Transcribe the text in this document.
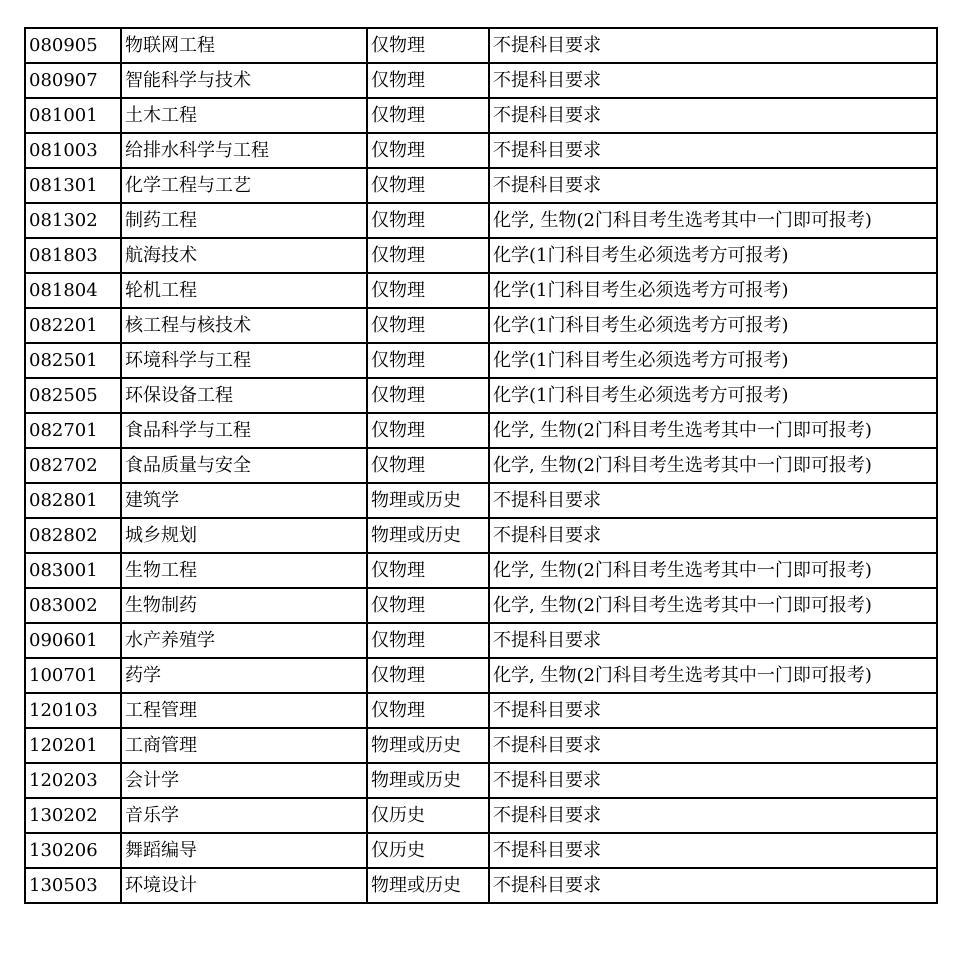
080905	物联网工程	仅物理	不提科目要求
080907	智能科学与技术	仅物理	不提科目要求
081001	土木工程	仅物理	不提科目要求
081003	给排水科学与工程	仅物理	不提科目要求
081301	化学工程与工艺	仅物理	不提科目要求
081302	制药工程	仅物理	化学, 生物(2门科目考生选考其中一门即可报考)
081803	航海技术	仅物理	化学(1门科目考生必须选考方可报考)
081804	轮机工程	仅物理	化学(1门科目考生必须选考方可报考)
082201	核工程与核技术	仅物理	化学(1门科目考生必须选考方可报考)
082501	环境科学与工程	仅物理	化学(1门科目考生必须选考方可报考)
082505	环保设备工程	仅物理	化学(1门科目考生必须选考方可报考)
082701	食品科学与工程	仅物理	化学, 生物(2门科目考生选考其中一门即可报考)
082702	食品质量与安全	仅物理	化学, 生物(2门科目考生选考其中一门即可报考)
082801	建筑学	物理或历史	不提科目要求
082802	城乡规划	物理或历史	不提科目要求
083001	生物工程	仅物理	化学, 生物(2门科目考生选考其中一门即可报考)
083002	生物制药	仅物理	化学, 生物(2门科目考生选考其中一门即可报考)
090601	水产养殖学	仅物理	不提科目要求
100701	药学	仅物理	化学, 生物(2门科目考生选考其中一门即可报考)
120103	工程管理	仅物理	不提科目要求
120201	工商管理	物理或历史	不提科目要求
120203	会计学	物理或历史	不提科目要求
130202	音乐学	仅历史	不提科目要求
130206	舞蹈编导	仅历史	不提科目要求
130503	环境设计	物理或历史	不提科目要求
